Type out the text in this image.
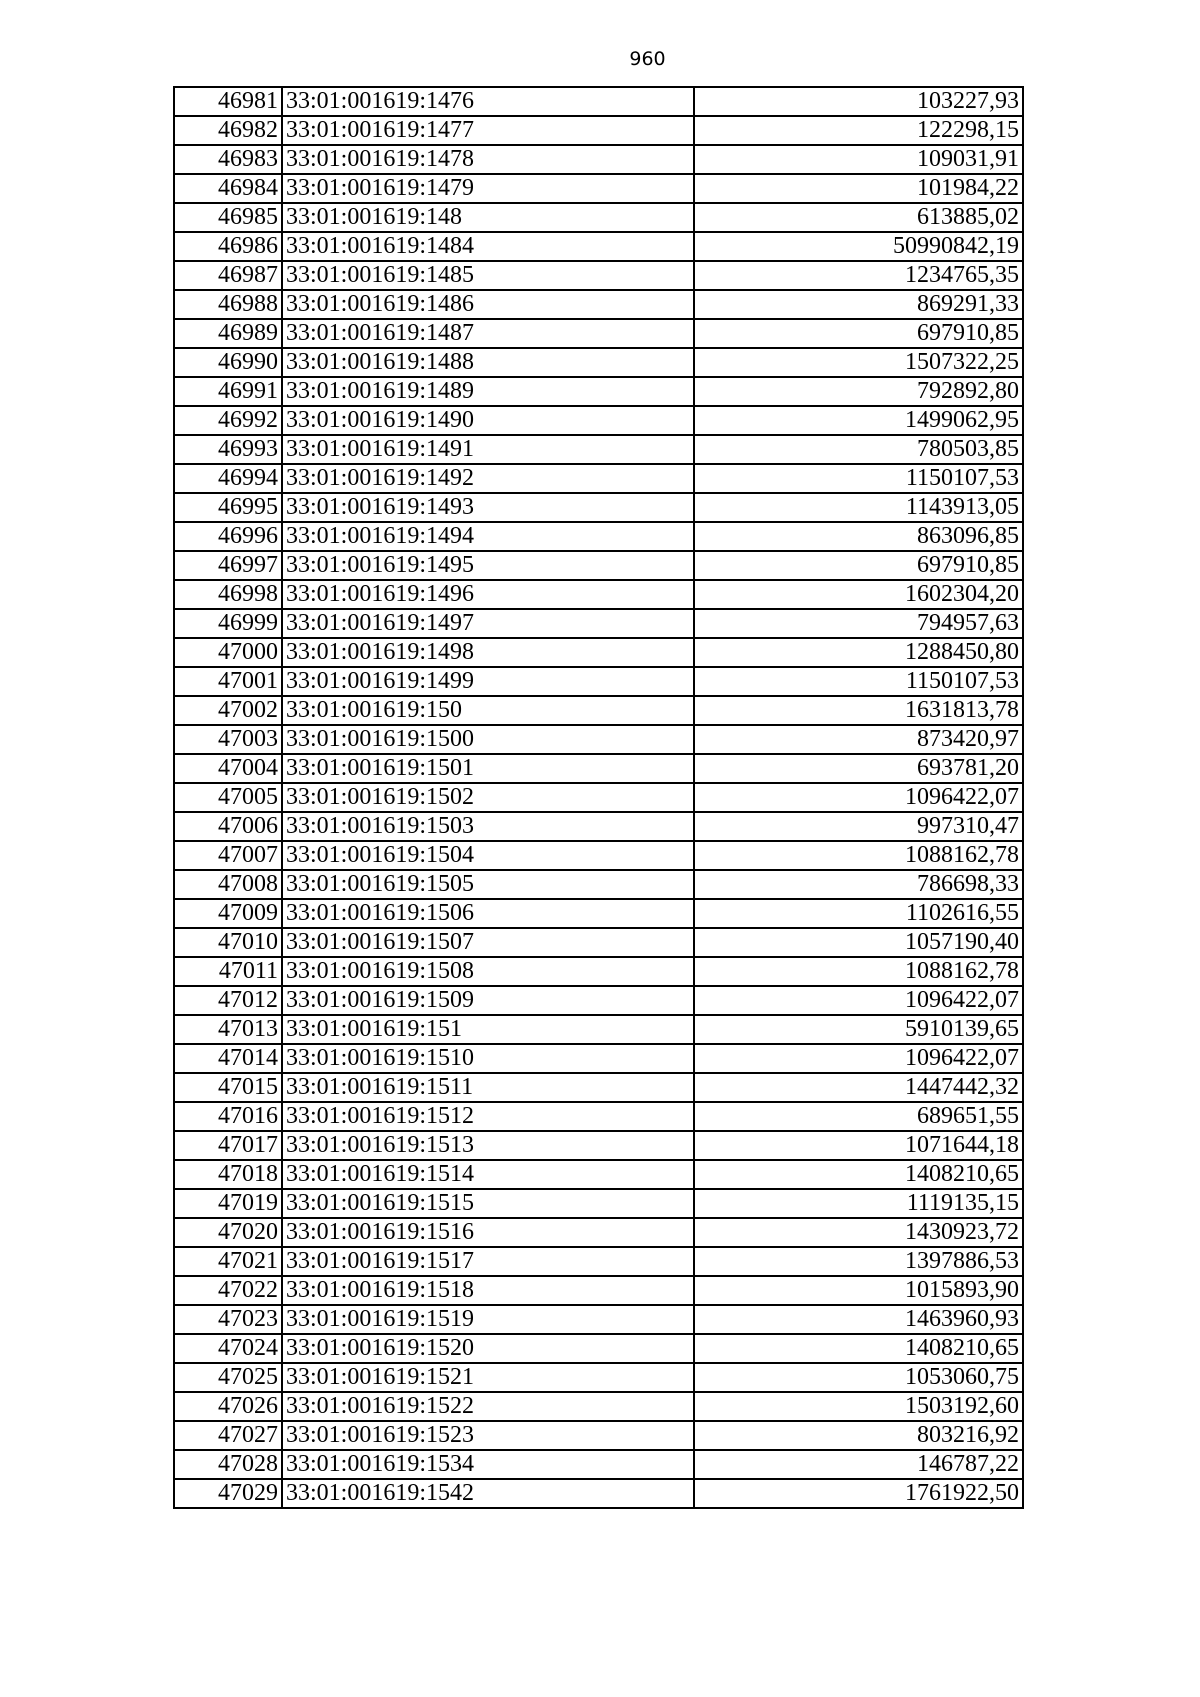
960
46981	33:01:001619:1476	103227,93
46982	33:01:001619:1477	122298,15
46983	33:01:001619:1478	109031,91
46984	33:01:001619:1479	101984,22
46985	33:01:001619:148	613885,02
46986	33:01:001619:1484	50990842,19
46987	33:01:001619:1485	1234765,35
46988	33:01:001619:1486	869291,33
46989	33:01:001619:1487	697910,85
46990	33:01:001619:1488	1507322,25
46991	33:01:001619:1489	792892,80
46992	33:01:001619:1490	1499062,95
46993	33:01:001619:1491	780503,85
46994	33:01:001619:1492	1150107,53
46995	33:01:001619:1493	1143913,05
46996	33:01:001619:1494	863096,85
46997	33:01:001619:1495	697910,85
46998	33:01:001619:1496	1602304,20
46999	33:01:001619:1497	794957,63
47000	33:01:001619:1498	1288450,80
47001	33:01:001619:1499	1150107,53
47002	33:01:001619:150	1631813,78
47003	33:01:001619:1500	873420,97
47004	33:01:001619:1501	693781,20
47005	33:01:001619:1502	1096422,07
47006	33:01:001619:1503	997310,47
47007	33:01:001619:1504	1088162,78
47008	33:01:001619:1505	786698,33
47009	33:01:001619:1506	1102616,55
47010	33:01:001619:1507	1057190,40
47011	33:01:001619:1508	1088162,78
47012	33:01:001619:1509	1096422,07
47013	33:01:001619:151	5910139,65
47014	33:01:001619:1510	1096422,07
47015	33:01:001619:1511	1447442,32
47016	33:01:001619:1512	689651,55
47017	33:01:001619:1513	1071644,18
47018	33:01:001619:1514	1408210,65
47019	33:01:001619:1515	1119135,15
47020	33:01:001619:1516	1430923,72
47021	33:01:001619:1517	1397886,53
47022	33:01:001619:1518	1015893,90
47023	33:01:001619:1519	1463960,93
47024	33:01:001619:1520	1408210,65
47025	33:01:001619:1521	1053060,75
47026	33:01:001619:1522	1503192,60
47027	33:01:001619:1523	803216,92
47028	33:01:001619:1534	146787,22
47029	33:01:001619:1542	1761922,50
